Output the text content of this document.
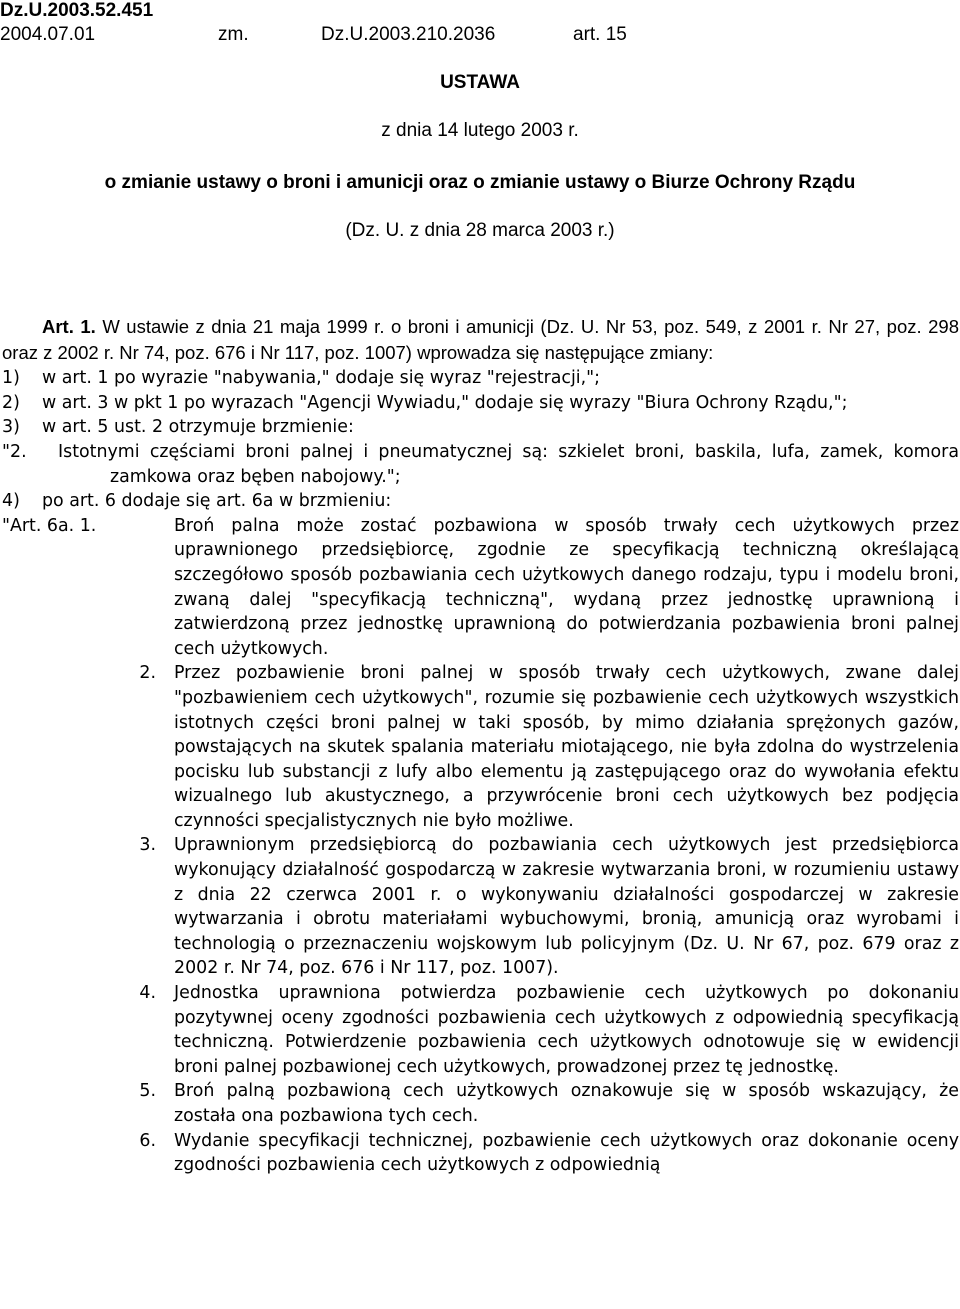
Dz.U.2003.52.451
2004.07.01	zm.	Dz.U.2003.210.2036	art. 15
USTAWA
z dnia 14 lutego 2003 r.
o zmianie ustawy o broni i amunicji oraz o zmianie ustawy o Biurze Ochrony Rządu
(Dz. U. z dnia 28 marca 2003 r.)
Art. 1. W ustawie z dnia 21 maja 1999 r. o broni i amunicji (Dz. U. Nr 53, poz. 549, z 2001 r. Nr 27, poz. 298 oraz z 2002 r. Nr 74, poz. 676 i Nr 117, poz. 1007) wprowadza się następujące zmiany:
1)	w art. 1 po wyrazie "nabywania," dodaje się wyraz "rejestracji,";
2)	w art. 3 w pkt 1 po wyrazach "Agencji Wywiadu," dodaje się wyrazy "Biura Ochrony Rządu,";
3)	w art. 5 ust. 2 otrzymuje brzmienie:
"2.	Istotnymi częściami broni palnej i pneumatycznej są: szkielet broni, baskila, lufa, zamek, komora zamkowa oraz bęben nabojowy.";
4)	po art. 6 dodaje się art. 6a w brzmieniu:
"Art. 6a. 1.	Broń palna może zostać pozbawiona w sposób trwały cech użytkowych przez uprawnionego przedsiębiorcę, zgodnie ze specyfikacją techniczną określającą szczegółowo sposób pozbawiania cech użytkowych danego rodzaju, typu i modelu broni, zwaną dalej "specyfikacją techniczną", wydaną przez jednostkę uprawnioną i zatwierdzoną przez jednostkę uprawnioną do potwierdzania pozbawienia broni palnej cech użytkowych.
2.	Przez pozbawienie broni palnej w sposób trwały cech użytkowych, zwane dalej "pozbawieniem cech użytkowych", rozumie się pozbawienie cech użytkowych wszystkich istotnych części broni palnej w taki sposób, by mimo działania sprężonych gazów, powstających na skutek spalania materiału miotającego, nie była zdolna do wystrzelenia pocisku lub substancji z lufy albo elementu ją zastępującego oraz do wywołania efektu wizualnego lub akustycznego, a przywrócenie broni cech użytkowych bez podjęcia czynności specjalistycznych nie było możliwe.
3.	Uprawnionym przedsiębiorcą do pozbawiania cech użytkowych jest przedsiębiorca wykonujący działalność gospodarczą w zakresie wytwarzania broni, w rozumieniu ustawy z dnia 22 czerwca 2001 r. o wykonywaniu działalności gospodarczej w zakresie wytwarzania i obrotu materiałami wybuchowymi, bronią, amunicją oraz wyrobami i technologią o przeznaczeniu wojskowym lub policyjnym (Dz. U. Nr 67, poz. 679 oraz z 2002 r. Nr 74, poz. 676 i Nr 117, poz. 1007).
4.	Jednostka uprawniona potwierdza pozbawienie cech użytkowych po dokonaniu pozytywnej oceny zgodności pozbawienia cech użytkowych z odpowiednią specyfikacją techniczną. Potwierdzenie pozbawienia cech użytkowych odnotowuje się w ewidencji broni palnej pozbawionej cech użytkowych, prowadzonej przez tę jednostkę.
5.	Broń palną pozbawioną cech użytkowych oznakowuje się w sposób wskazujący, że została ona pozbawiona tych cech.
6.	Wydanie specyfikacji technicznej, pozbawienie cech użytkowych oraz dokonanie oceny zgodności pozbawienia cech użytkowych z odpowiednią
